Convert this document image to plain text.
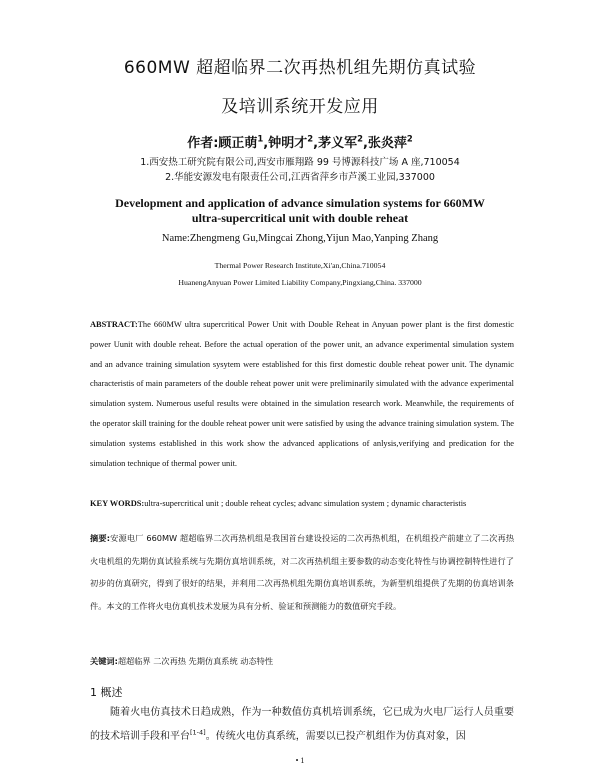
660MW 超超临界二次再热机组先期仿真试验
及培训系统开发应用
作者:顾正萌$^1$,钟明才$^2$,茅义军$^2$,张炎萍$^2$
1.西安热工研究院有限公司,西安市雁翔路 99 号博源科技广场 A 座,710054
2.华能安源发电有限责任公司,江西省萍乡市芦溪工业园,337000
Development and application of advance simulation systems for 660MW
ultra-supercritical unit with double reheat
Name:Zhengmeng Gu,Mingcai Zhong,Yijun Mao,Yanping Zhang
Thermal Power Research Institute,Xi'an,China.710054
HuanengAnyuan Power Limited Liability Company,Pingxiang,China. 337000
ABSTRACT:The 660MW ultra supercritical Power Unit with Double Reheat in Anyuan power plant is the first domestic power Uunit with double reheat. Before the actual operation of the power unit, an advance experimental simulation system and an advance training simulation sysytem were established for this first domestic double reheat power unit. The dynamic characteristis of main parameters of the double reheat power unit were preliminarily simulated with the advance experimental simulation system. Numerous useful results were obtained in the simulation research work. Meanwhile, the requirements of the operator skill training for the double reheat power unit were satisfied by using the advance training simulation system. The simulation systems established in this work show the advanced applications of anlysis,verifying and predication for the simulation technique of thermal power unit.
KEY WORDS:ultra-supercritical unit ; double reheat cycles; advanc simulation system ; dynamic characteristis
摘要:安源电厂 660MW 超超临界二次再热机组是我国首台建设投运的二次再热机组，在机组投产前建立了二次再热火电机组的先期仿真试验系统与先期仿真培训系统，对二次再热机组主要参数的动态变化特性与协调控制特性进行了初步的仿真研究，得到了很好的结果，并利用二次再热机组先期仿真培训系统，为新型机组提供了先期的仿真培训条件。本文的工作将火电仿真机技术发展为具有分析、验证和预测能力的数值研究手段。
关键词:超超临界 二次再热 先期仿真系统 动态特性
1 概述
随着火电仿真技术日趋成熟，作为一种数值仿真机培训系统，它已成为火电厂运行人员重要的技术培训手段和平台[1-4]。传统火电仿真系统，需要以已投产机组作为仿真对象，因
• 1
